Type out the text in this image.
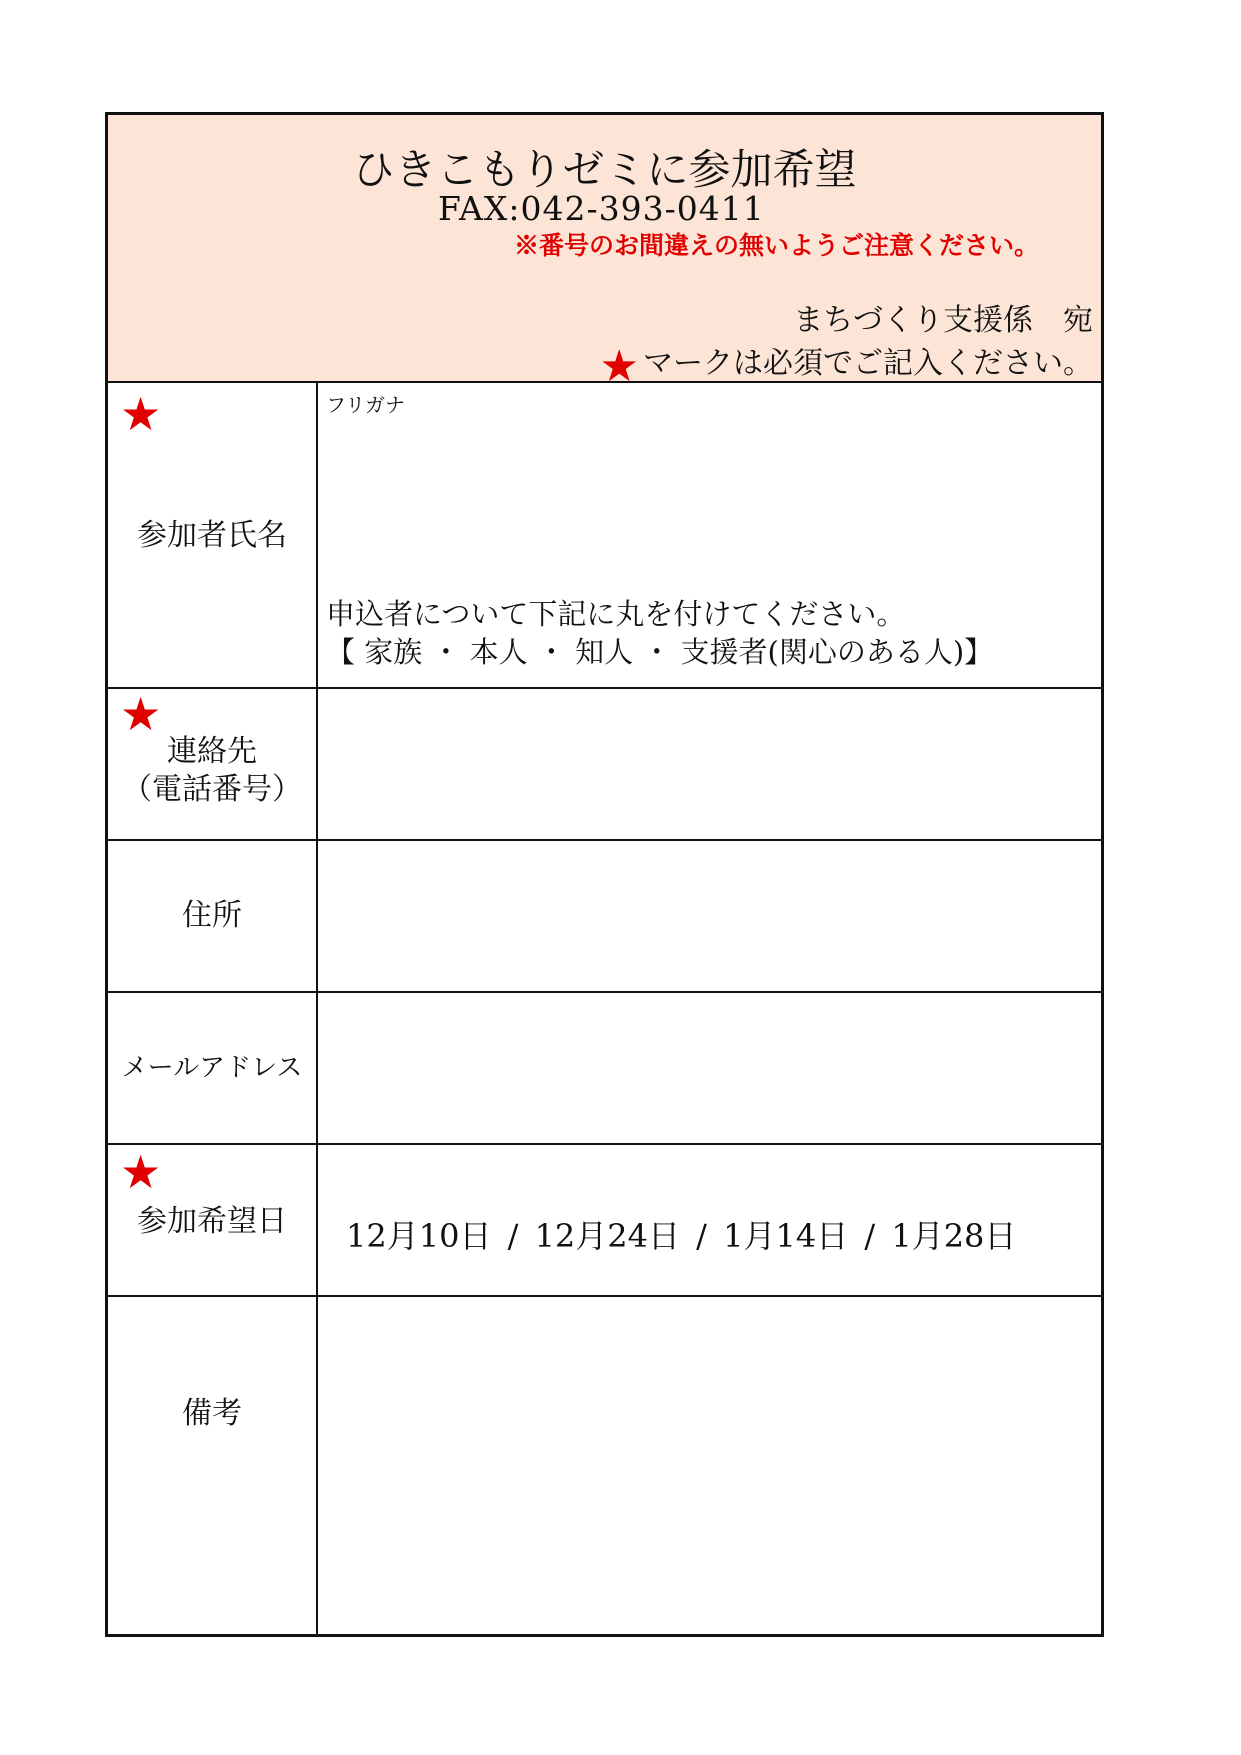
ひきこもりゼミに参加希望
FAX:042-393-0411
※番号のお間違えの無いようご注意ください。
まちづくり支援係　宛
★ マークは必須でご記入ください。
★
参加者氏名
フリガナ
申込者について下記に丸を付けてください。
【 家族 ・ 本人 ・ 知人 ・ 支援者(関心のある人)】
★
連絡先
（電話番号）
住所
メールアドレス
★
参加希望日	12月10日 / 12月24日 / 1月14日 / 1月28日
備考
